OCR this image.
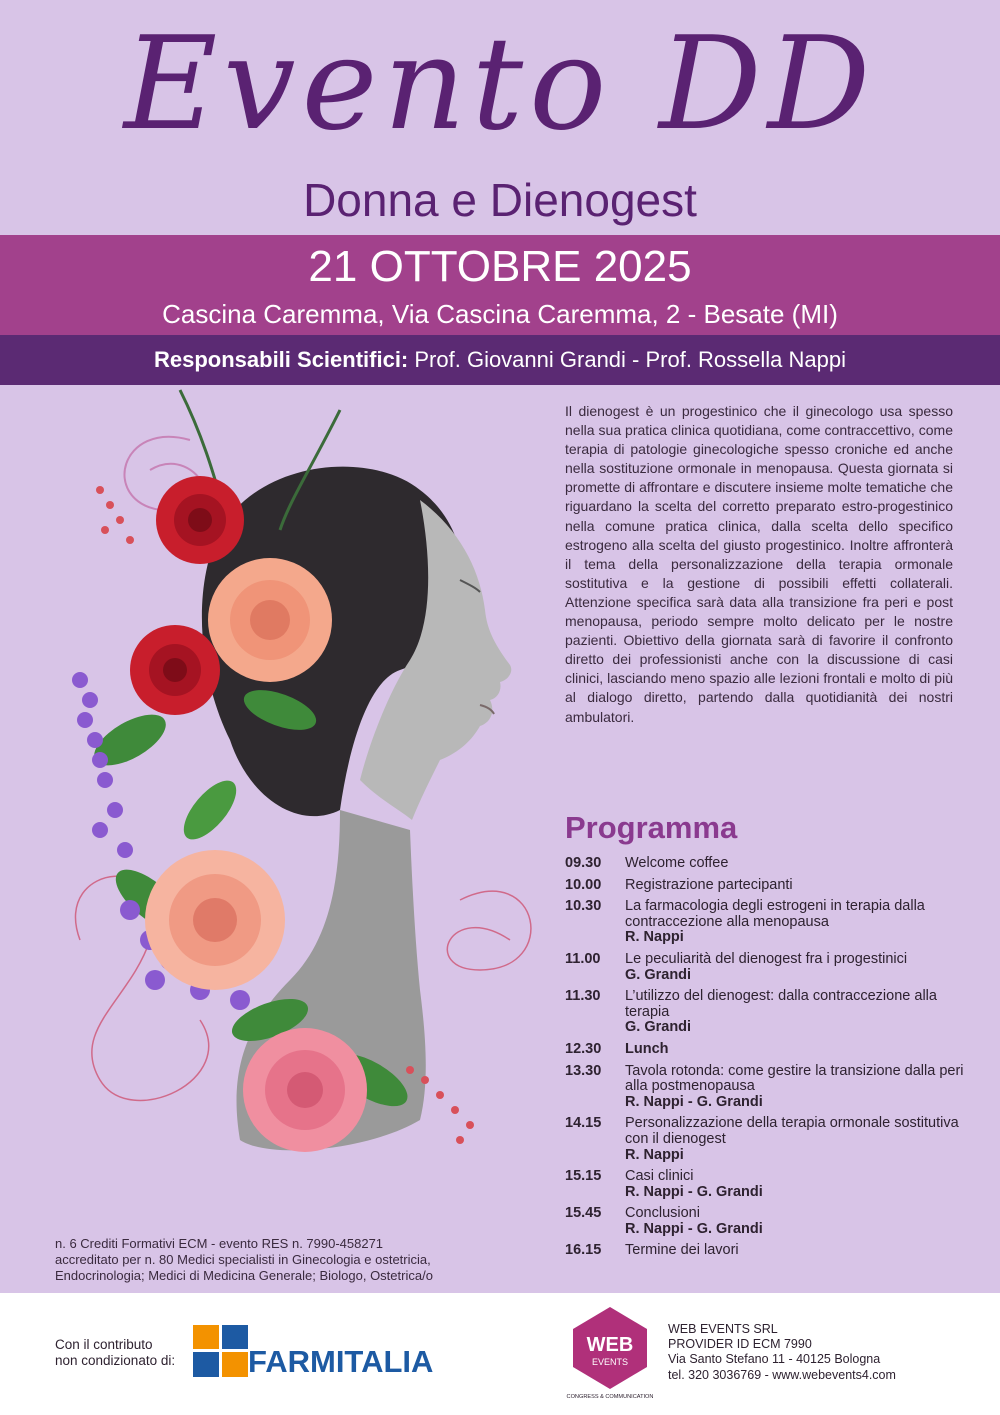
Evento DD
Donna e Dienogest
21 OTTOBRE 2025
Cascina Caremma, Via Cascina Caremma, 2 - Besate (MI)
Responsabili Scientifici: Prof. Giovanni Grandi - Prof. Rossella Nappi
Il dienogest è un progestinico che il ginecologo usa spesso nella sua pratica clinica quotidiana, come contraccettivo, come terapia di patologie ginecologiche spesso croniche ed anche nella sostituzione ormonale in menopausa. Questa giornata si promette di affrontare e discutere insieme molte tematiche che riguardano la scelta del corretto preparato estro-progestinico nella comune pratica clinica, dalla scelta dello specifico estrogeno alla scelta del giusto progestinico. Inoltre affronterà il tema della personalizzazione della terapia ormonale sostitutiva e la gestione di possibili effetti collaterali. Attenzione specifica sarà data alla transizione fra peri e post menopausa, periodo sempre molto delicato per le nostre pazienti. Obiettivo della giornata sarà di favorire il confronto diretto dei professionisti anche con la discussione di casi clinici, lasciando meno spazio alle lezioni frontali e molto di più al dialogo diretto, partendo dalla quotidianità dei nostri ambulatori.
Programma
09.30	Welcome coffee
10.00	Registrazione partecipanti
10.30	La farmacologia degli estrogeni in terapia dalla contraccezione alla menopausa
R. Nappi
11.00	Le peculiarità del dienogest fra i progestinici
G. Grandi
11.30	L’utilizzo del dienogest: dalla contraccezione alla terapia
G. Grandi
12.30	Lunch
13.30	Tavola rotonda: come gestire la transizione dalla peri alla postmenopausa
R. Nappi - G. Grandi
14.15	Personalizzazione della terapia ormonale sostitutiva con il dienogest
R. Nappi
15.15	Casi clinici
R. Nappi - G. Grandi
15.45	Conclusioni
R. Nappi - G. Grandi
16.15	Termine dei lavori
n. 6 Crediti Formativi ECM - evento RES n. 7990-458271
accreditato per n. 80 Medici specialisti in Ginecologia e ostetricia,
Endocrinologia; Medici di Medicina Generale; Biologo, Ostetrica/o
Con il contributo
non condizionato di: FARMITALIA	WEB
EVENTS
CONGRESS & COMMUNICATION
WEB EVENTS SRL
PROVIDER ID ECM 7990
Via Santo Stefano 11 - 40125 Bologna
tel. 320 3036769 - www.webevents4.com
